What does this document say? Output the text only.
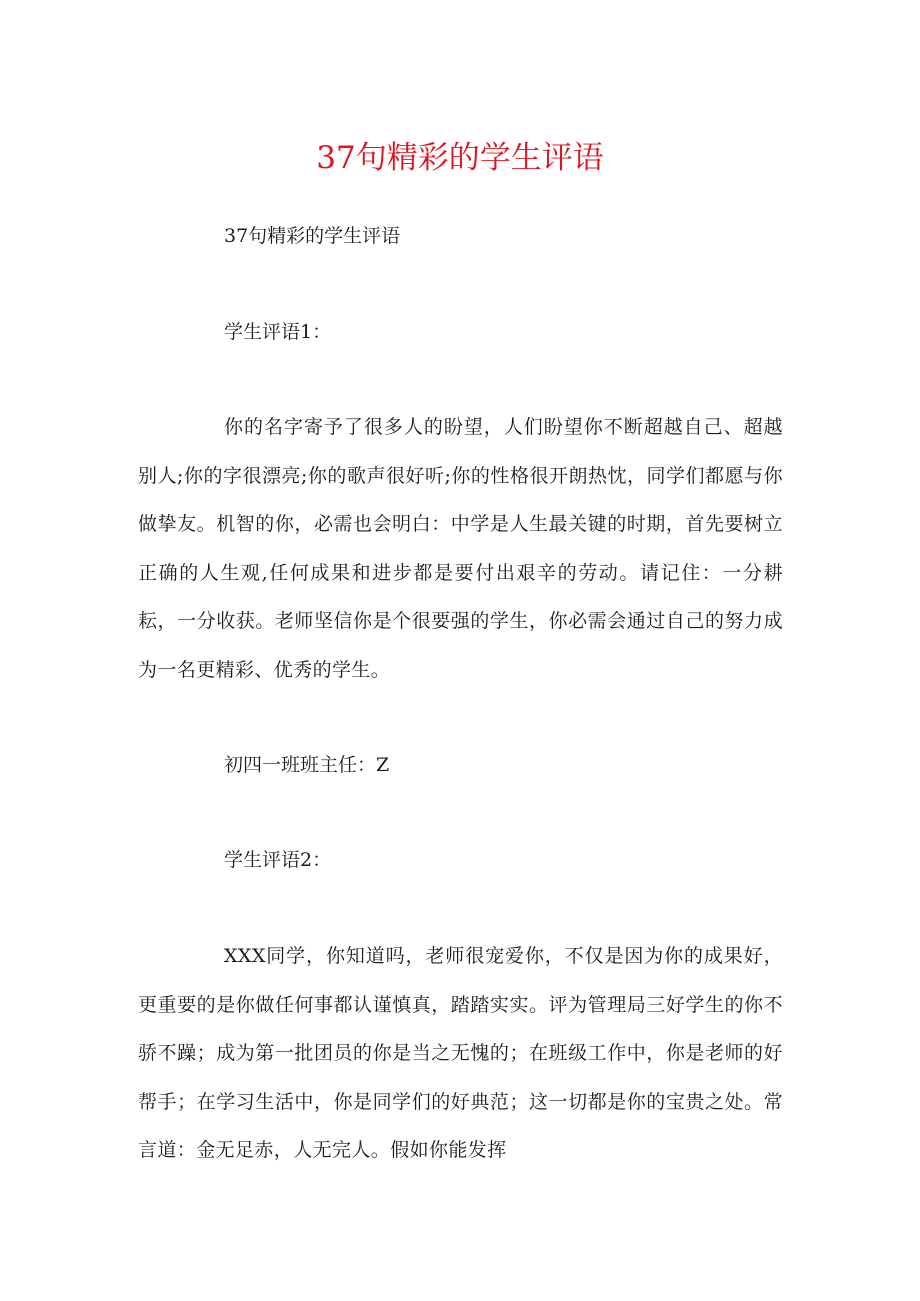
37句精彩的学生评语

37句精彩的学生评语

学生评语1：

你的名字寄予了很多人的盼望，人们盼望你不断超越自己、超越别人;你的字很漂亮;你的歌声很好听;你的性格很开朗热忱，同学们都愿与你做挚友。机智的你，必需也会明白：中学是人生最关键的时期，首先要树立正确的人生观,任何成果和进步都是要付出艰辛的劳动。请记住：一分耕耘，一分收获。老师坚信你是个很要强的学生，你必需会通过自己的努力成为一名更精彩、优秀的学生。

初四一班班主任：Z

学生评语2：

XXX同学，你知道吗，老师很宠爱你，不仅是因为你的成果好，更重要的是你做任何事都认谨慎真，踏踏实实。评为管理局三好学生的你不骄不躁；成为第一批团员的你是当之无愧的；在班级工作中，你是老师的好帮手；在学习生活中，你是同学们的好典范；这一切都是你的宝贵之处。常言道：金无足赤，人无完人。假如你能发挥
